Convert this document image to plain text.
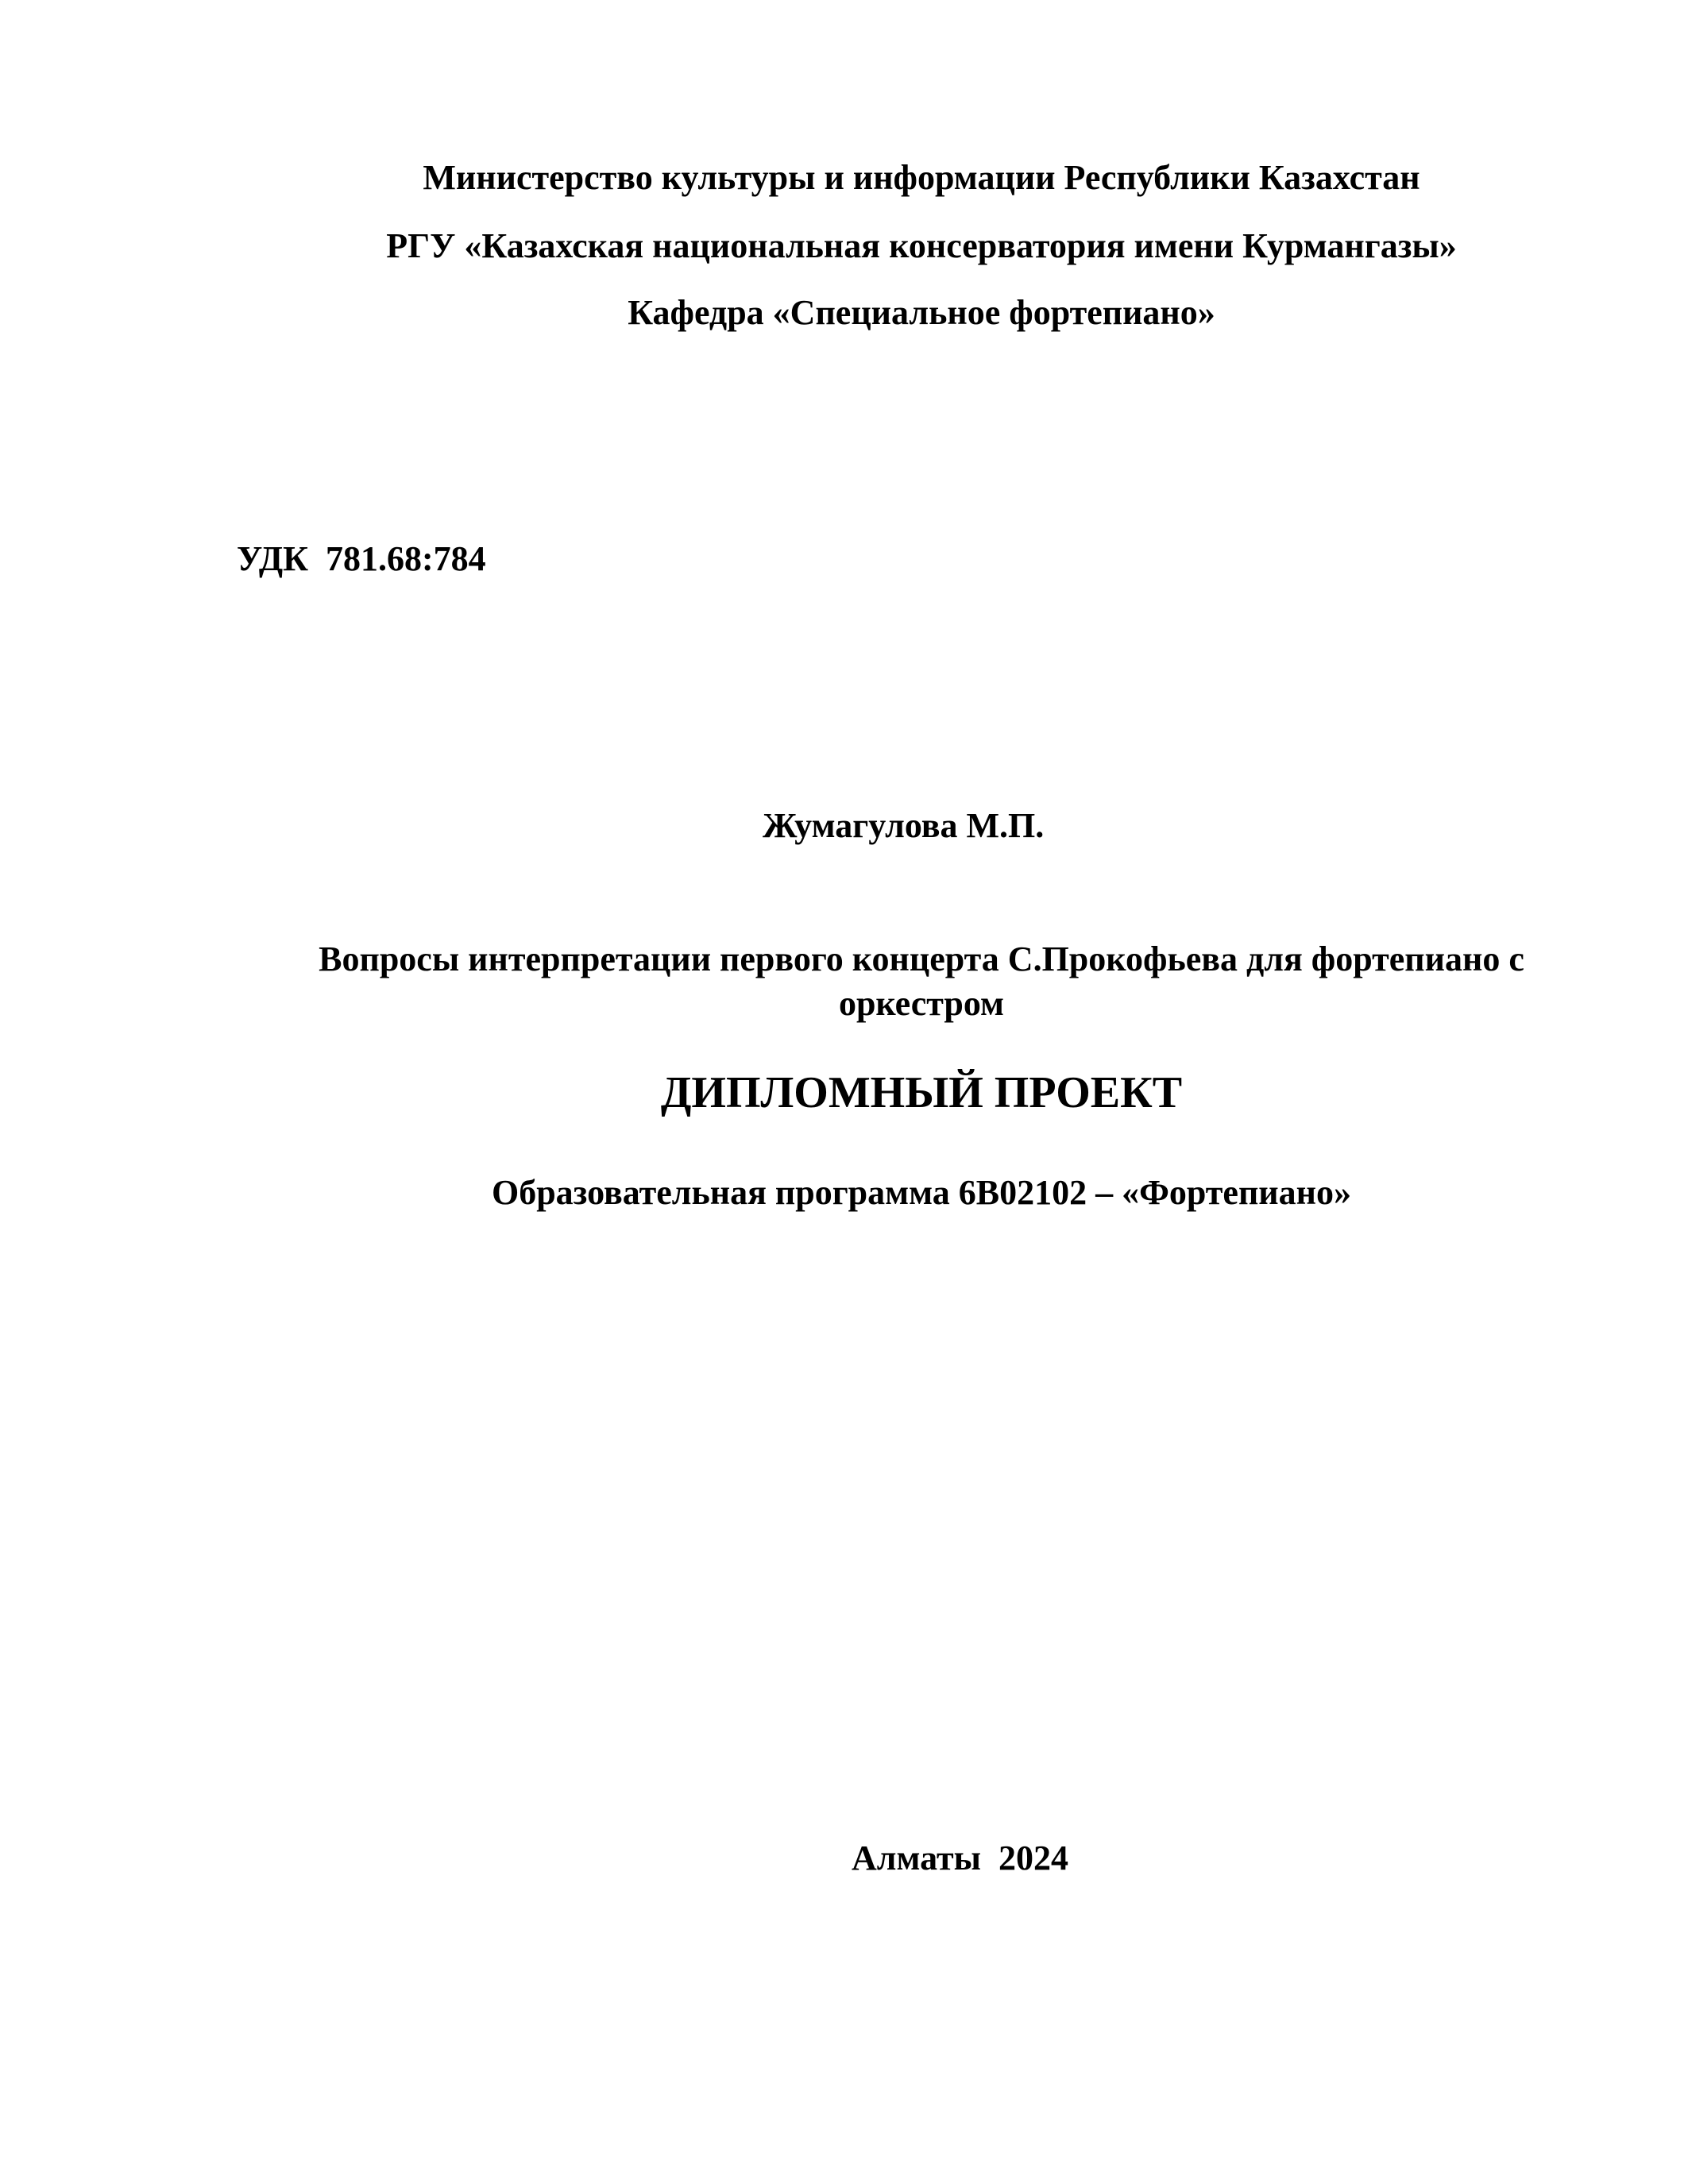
Министерство культуры и информации Республики Казахстан
РГУ «Казахская национальная консерватория имени Курмангазы»
Кафедра «Специальное фортепиано»
УДК  781.68:784
Жумагулова М.П.
Вопросы интерпретации первого концерта С.Прокофьева для фортепиано с оркестром
ДИПЛОМНЫЙ ПРОЕКТ
Образовательная программа 6В02102 – «Фортепиано»
Алматы  2024
